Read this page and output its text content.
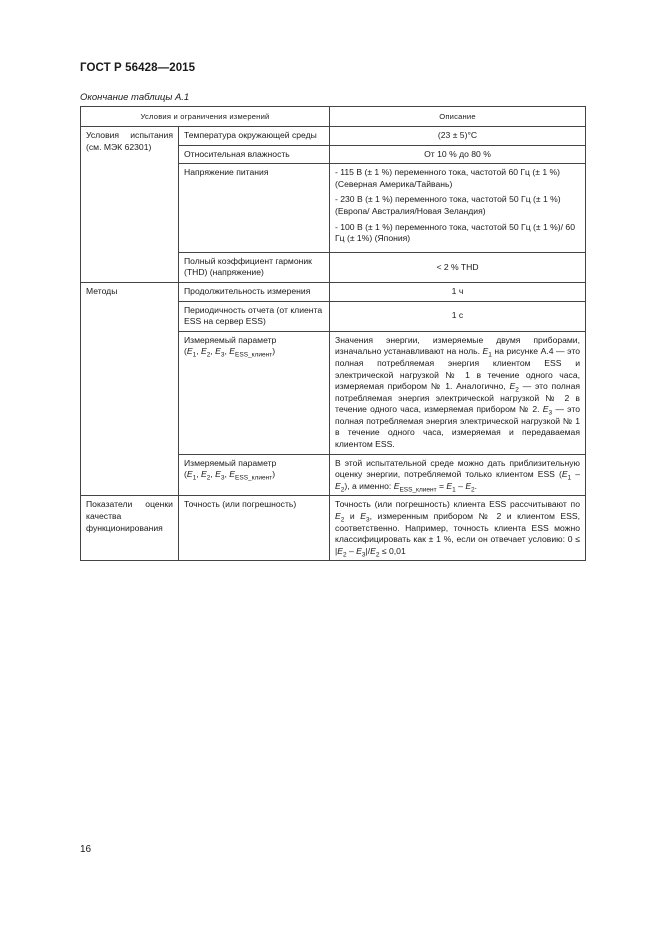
ГОСТ Р 56428—2015
Окончание таблицы А.1
Условия и ограничения измерений		Описание
Условия испытания (см. МЭК 62301)	Температура окружающей среды	(23 ± 5)°С
	Относительная влажность	От 10 % до 80 %
	Напряжение питания	- 115 В (± 1 %) переменного тока, частотой 60 Гц (± 1 %) (Северная Америка/Тайвань)
- 230 В (± 1 %) переменного тока, частотой 50 Гц (± 1 %) (Европа/ Австралия/Новая Зеландия)
- 100 В (± 1 %) переменного тока, частотой 50 Гц (± 1 %)/ 60 Гц (± 1%) (Япония)

	Полный коэффициент гармоник (THD) (напряжение)	< 2 % THD
Методы	Продолжительность измерения	1 ч
	Периодичность отчета (от клиента ESS на сервер ESS)	1 с
	Измеряемый параметр
($E_1$, $E_2$, $E_3$, $E_{ESS\_клиент}$)	Значения энергии, измеряемые двумя приборами, изначально устанавливают на ноль. $E_1$ на рисунке А.4 — это полная потребляемая энергия клиентом ESS и электрической нагрузкой № 1 в течение одного часа, измеряемая прибором № 1. Аналогично, $E_2$ — это полная потребляемая энергия электрической нагрузкой № 2 в течение одного часа, измеряемая прибором № 2. $E_3$ — это полная потребляемая энергия электрической нагрузкой № 1 в течение одного часа, измеряемая и передаваемая клиентом ESS.
	Измеряемый параметр
($E_1$, $E_2$, $E_3$, $E_{ESS\_клиент}$)	В этой испытательной среде можно дать приблизительную оценку энергии, потребляемой только клиентом ESS $(E_1 - E_2)$, а именно: $E_{ESS\_клиент} = E_1 - E_2$.
Показатели оценки качества функционирования	Точность (или погрешность)	Точность (или погрешность) клиента ESS рассчитывают по $E_2$ и $E_3$, измеренным прибором № 2 и клиентом ESS, соответственно. Например, точность клиента ESS можно классифицировать как ± 1 %, если он отвечает условию: $0 \le |E_2 - E_3|/E_2 \le 0,01$
16
